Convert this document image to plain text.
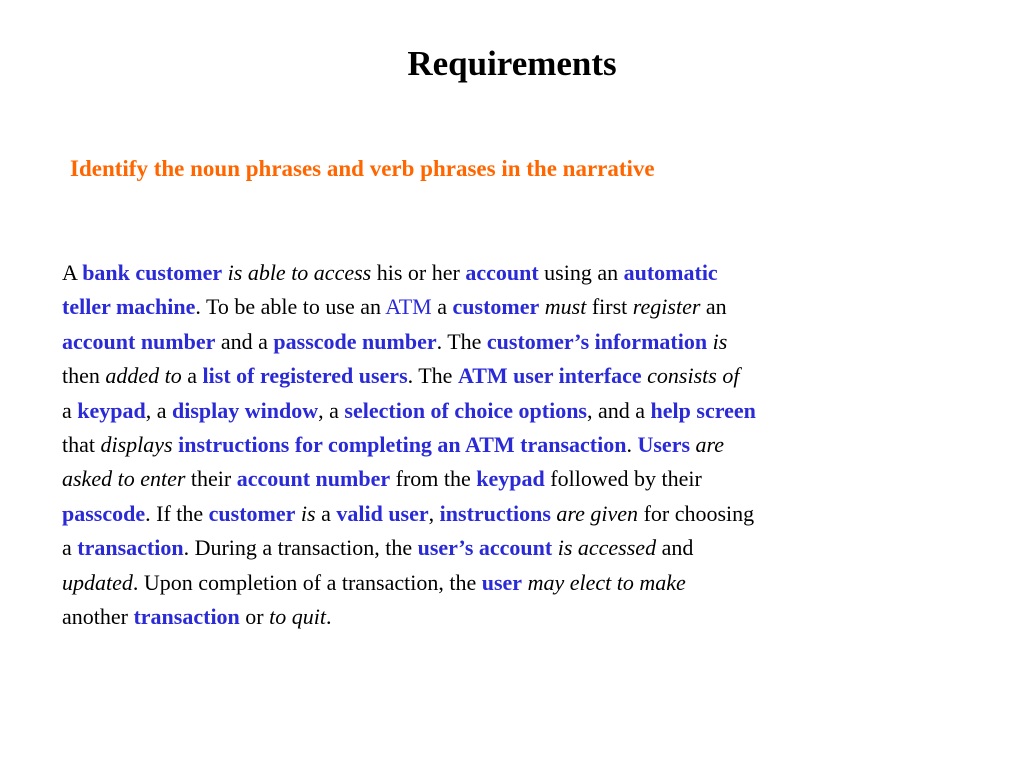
Requirements

Identify the noun phrases and verb phrases in the narrative

A bank customer is able to access his or her account using an automatic
teller machine. To be able to use an ATM a customer must first register an
account number and a passcode number. The customer’s information is
then added to a list of registered users. The ATM user interface consists of
a keypad, a display window, a selection of choice options, and a help screen
that displays instructions for completing an ATM transaction. Users are
asked to enter their account number from the keypad followed by their
passcode. If the customer is a valid user, instructions are given for choosing
a transaction. During a transaction, the user’s account is accessed and
updated. Upon completion of a transaction, the user may elect to make
another transaction or to quit.
